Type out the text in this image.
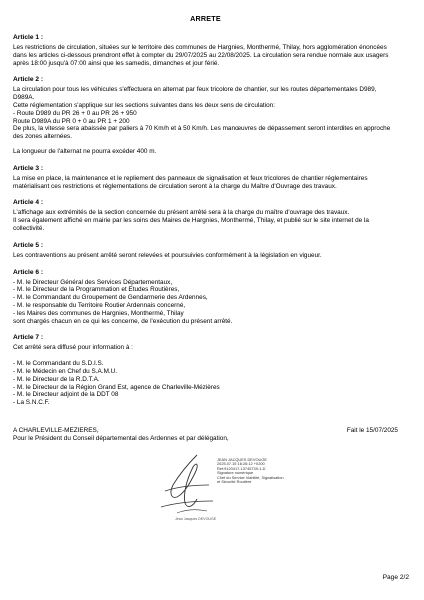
ARRETE
Article 1 :

Les restrictions de circulation, situées sur le territoire des communes de Hargnies, Monthermé, Thilay, hors agglomération énoncées dans les articles ci-dessous prendront effet à compter du 29/07/2025 au 22/08/2025. La circulation sera rendue normale aux usagers après 18:00 jusqu'à 07:00 ainsi que les samedis, dimanches et jour férié.

Article 2 :

La circulation pour tous les véhicules s'effectuera en alternat par feux tricolore de chantier, sur les routes départementales D989, D989A.

Cette réglementation s'applique sur les sections suivantes dans les deux sens de circulation:

- Route D989 du PR 26 + 0 au PR 26 + 950

Route D989A du PR 0 + 0 au PR 1 + 200

De plus, la vitesse sera abaissée par paliers à 70 Km/h et à 50 Km/h. Les manœuvres de dépassement seront interdites en approche des zones alternées.

La longueur de l'alternat ne pourra excéder 400 m.

Article 3 :

La mise en place, la maintenance et le repliement des panneaux de signalisation et feux tricolores de chantier réglementaires matérialisant ces restrictions et réglementations de circulation seront à la charge du Maître d'Ouvrage des travaux.

Article 4 :

L'affichage aux extrémités de la section concernée du présent arrêté sera à la charge du maître d'ouvrage des travaux.

Il sera également affiché en mairie par les soins des Maires de Hargnies, Monthermé, Thilay, et publié sur le site internet de la collectivité.

Article 5 :

Les contraventions au présent arrêté seront relevées et poursuivies conformément à la législation en vigueur.

Article 6 :
- M. le Directeur Général des Services Départementaux,
- M. le Directeur de la Programmation et Etudes Routières,
- M. le Commandant du Groupement de Gendarmerie des Ardennes,
- M. le responsable du Territoire Routier Ardennais concerné,
- les Maires des communes de Hargnies, Monthermé, Thilay
sont chargés chacun en ce qui les concerne, de l'exécution du présent arrêté.
Article 7 :

Cet arrêté sera diffusé pour information à :

- M. le Commandant du S.D.I.S.
- M. le Médecin en Chef du S.A.M.U.
- M. le Directeur de la R.D.T.A.
- M. le Directeur de la Région Grand Est, agence de Charleville-Mézières
- M. le Directeur adjoint de la DDT 08
- La S.N.C.F.
A CHARLEVILLE-MEZIERES,	Fait le 15/07/2025
Pour le Président du Conseil départemental des Ardennes et par délégation,
Jean Jacques DEVOUGE
JEAN JACQUES DEVOUGE
2025.07.15 16:26:12 +0200
Ref:9120417-13745739-1-D
Signature numérique
Chef du Service Viabilité, Signalisation
et Sécurité Routière
Page 2/2
